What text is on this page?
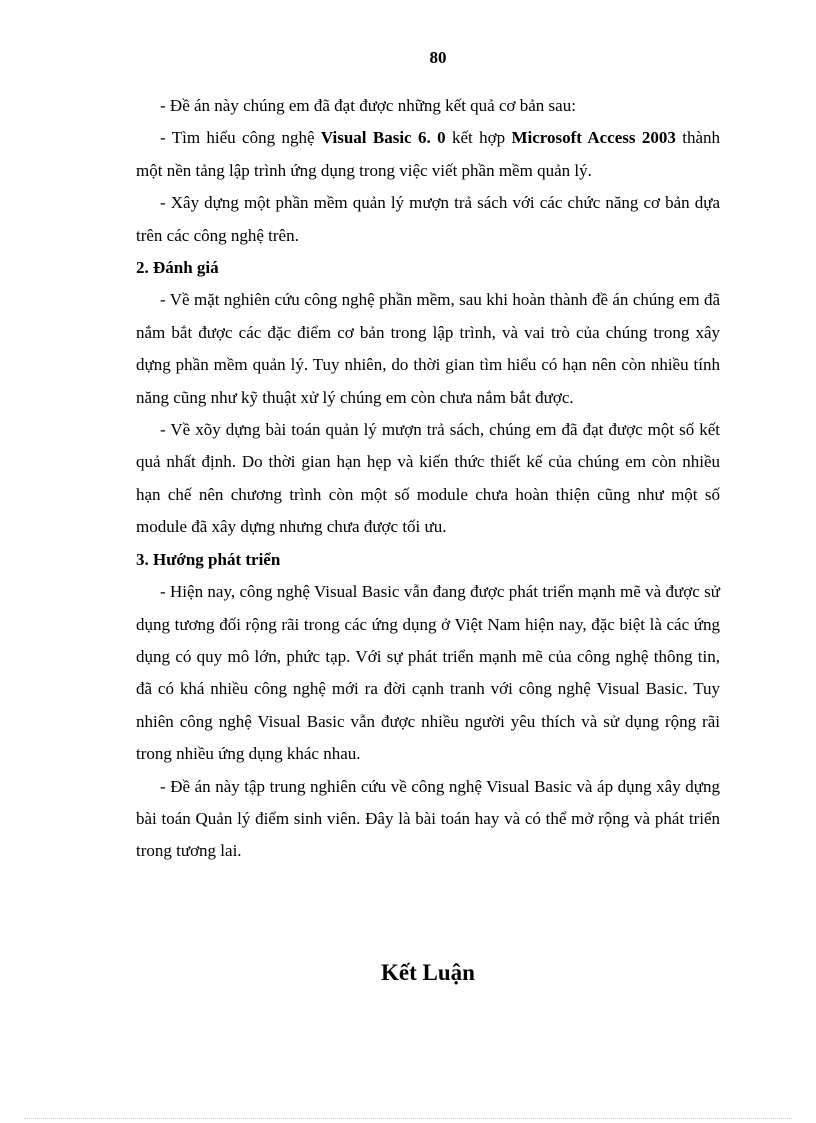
80

- Đề án này chúng em đã đạt được những kết quả cơ bản sau:

- Tìm hiểu công nghệ Visual Basic 6. 0 kết hợp Microsoft Access 2003 thành một nền tảng lập trình ứng dụng trong việc viết phần mềm quản lý.

- Xây dựng một phần mềm quản lý mượn trả sách với các chức năng cơ bản dựa trên các công nghệ trên.

2. Đánh giá

- Về mặt nghiên cứu công nghệ phần mềm, sau khi hoàn thành đề án chúng em đã nắm bắt được các đặc điểm cơ bản trong lập trình, và vai trò của chúng trong xây dựng phần mềm quản lý. Tuy nhiên, do thời gian tìm hiểu có hạn nên còn nhiều tính năng cũng như kỹ thuật xử lý chúng em còn chưa nắm bắt được.

- Về xõy dựng bài toán quản lý mượn trả sách, chúng em đã đạt được một số kết quả nhất định. Do thời gian hạn hẹp và kiến thức thiết kế của chúng em còn nhiều hạn chế nên chương trình còn một số module chưa hoàn thiện cũng như một số module đã xây dựng nhưng chưa được tối ưu.

3. Hướng phát triển

- Hiện nay, công nghệ Visual Basic vẫn đang được phát triển mạnh mẽ và được sử dụng tương đối rộng rãi trong các ứng dụng ở Việt Nam hiện nay, đặc biệt là các ứng dụng có quy mô lớn, phức tạp. Với sự phát triển mạnh mẽ của công nghệ thông tin, đã có khá nhiều công nghệ mới ra đời cạnh tranh với công nghệ Visual Basic. Tuy nhiên công nghệ Visual Basic vẫn được nhiều người yêu thích và sử dụng rộng rãi trong nhiều ứng dụng khác nhau.

- Đề án này tập trung nghiên cứu về công nghệ Visual Basic và áp dụng xây dựng bài toán Quản lý điểm sinh viên. Đây là bài toán hay và có thể mở rộng và phát triển trong tương lai.

Kết Luận
